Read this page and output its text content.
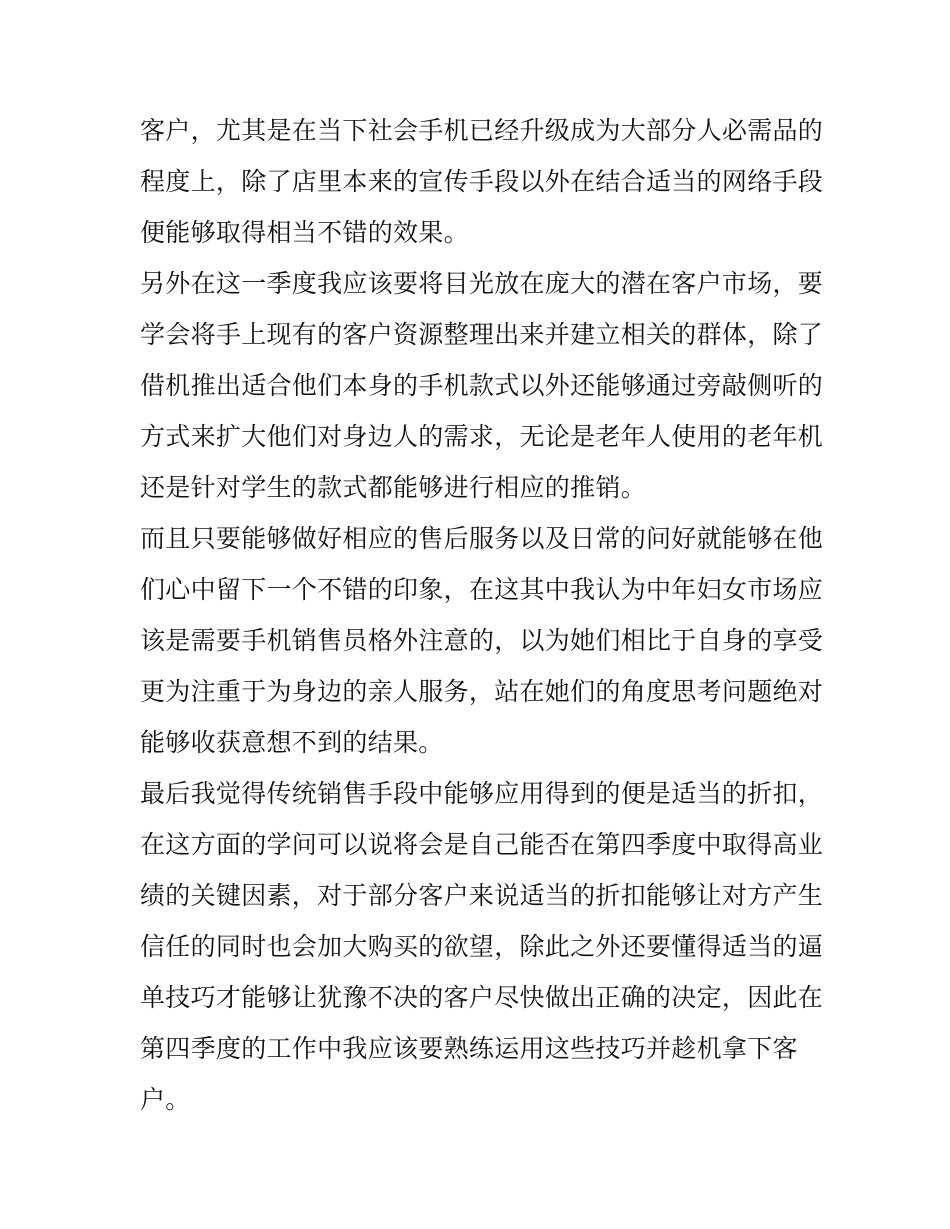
客户，尤其是在当下社会手机已经升级成为大部分人必需品的
程度上，除了店里本来的宣传手段以外在结合适当的网络手段
便能够取得相当不错的效果。
另外在这一季度我应该要将目光放在庞大的潜在客户市场，要
学会将手上现有的客户资源整理出来并建立相关的群体，除了
借机推出适合他们本身的手机款式以外还能够通过旁敲侧听的
方式来扩大他们对身边人的需求，无论是老年人使用的老年机
还是针对学生的款式都能够进行相应的推销。
而且只要能够做好相应的售后服务以及日常的问好就能够在他
们心中留下一个不错的印象，在这其中我认为中年妇女市场应
该是需要手机销售员格外注意的，以为她们相比于自身的享受
更为注重于为身边的亲人服务，站在她们的角度思考问题绝对
能够收获意想不到的结果。
最后我觉得传统销售手段中能够应用得到的便是适当的折扣，
在这方面的学问可以说将会是自己能否在第四季度中取得高业
绩的关键因素，对于部分客户来说适当的折扣能够让对方产生
信任的同时也会加大购买的欲望，除此之外还要懂得适当的逼
单技巧才能够让犹豫不决的客户尽快做出正确的决定，因此在
第四季度的工作中我应该要熟练运用这些技巧并趁机拿下客
户。
